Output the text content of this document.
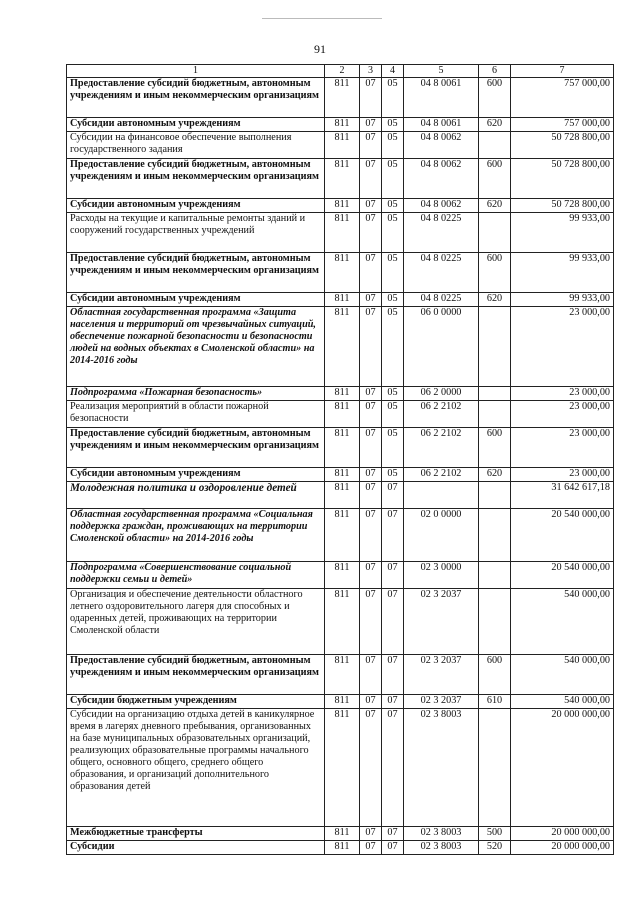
91
1	2	3	4	5	6	7
Предоставление субсидий бюджетным, автономным учреждениям и иным некоммерческим организациям	811	07	05	04 8 0061	600	757 000,00
Субсидии автономным учреждениям	811	07	05	04 8 0061	620	757 000,00
Субсидии на финансовое обеспечение выполнения государственного задания	811	07	05	04 8 0062		50 728 800,00
Предоставление субсидий бюджетным, автономным учреждениям и иным некоммерческим организациям	811	07	05	04 8 0062	600	50 728 800,00
Субсидии автономным учреждениям	811	07	05	04 8 0062	620	50 728 800,00
Расходы на текущие и капитальные ремонты зданий и сооружений государственных учреждений	811	07	05	04 8 0225		99 933,00
Предоставление субсидий бюджетным, автономным учреждениям и иным некоммерческим организациям	811	07	05	04 8 0225	600	99 933,00
Субсидии автономным учреждениям	811	07	05	04 8 0225	620	99 933,00
Областная государственная программа «Защита населения и территорий от чрезвычайных ситуаций, обеспечение пожарной безопасности и безопасности людей на водных объектах в Смоленской области» на 2014-2016 годы	811	07	05	06 0 0000		23 000,00
Подпрограмма «Пожарная безопасность»	811	07	05	06 2 0000		23 000,00
Реализация мероприятий в области пожарной безопасности	811	07	05	06 2 2102		23 000,00
Предоставление субсидий бюджетным, автономным учреждениям и иным некоммерческим организациям	811	07	05	06 2 2102	600	23 000,00
Субсидии автономным учреждениям	811	07	05	06 2 2102	620	23 000,00
Молодежная политика и оздоровление детей	811	07	07			31 642 617,18
Областная государственная программа «Социальная поддержка граждан, проживающих на территории Смоленской области» на 2014-2016 годы	811	07	07	02 0 0000		20 540 000,00
Подпрограмма «Совершенствование социальной поддержки семьи и детей»	811	07	07	02 3 0000		20 540 000,00
Организация и обеспечение деятельности областного летнего оздоровительного лагеря для способных и одаренных детей, проживающих на территории Смоленской области	811	07	07	02 3 2037		540 000,00
Предоставление субсидий бюджетным, автономным учреждениям и иным некоммерческим организациям	811	07	07	02 3 2037	600	540 000,00
Субсидии бюджетным учреждениям	811	07	07	02 3 2037	610	540 000,00
Субсидии на организацию отдыха детей в каникулярное время в лагерях дневного пребывания, организованных на базе муниципальных образовательных организаций, реализующих образовательные программы начального общего, основного общего, среднего общего образования, и организаций дополнительного образования детей	811	07	07	02 3 8003		20 000 000,00
Межбюджетные трансферты	811	07	07	02 3 8003	500	20 000 000,00
Субсидии	811	07	07	02 3 8003	520	20 000 000,00
